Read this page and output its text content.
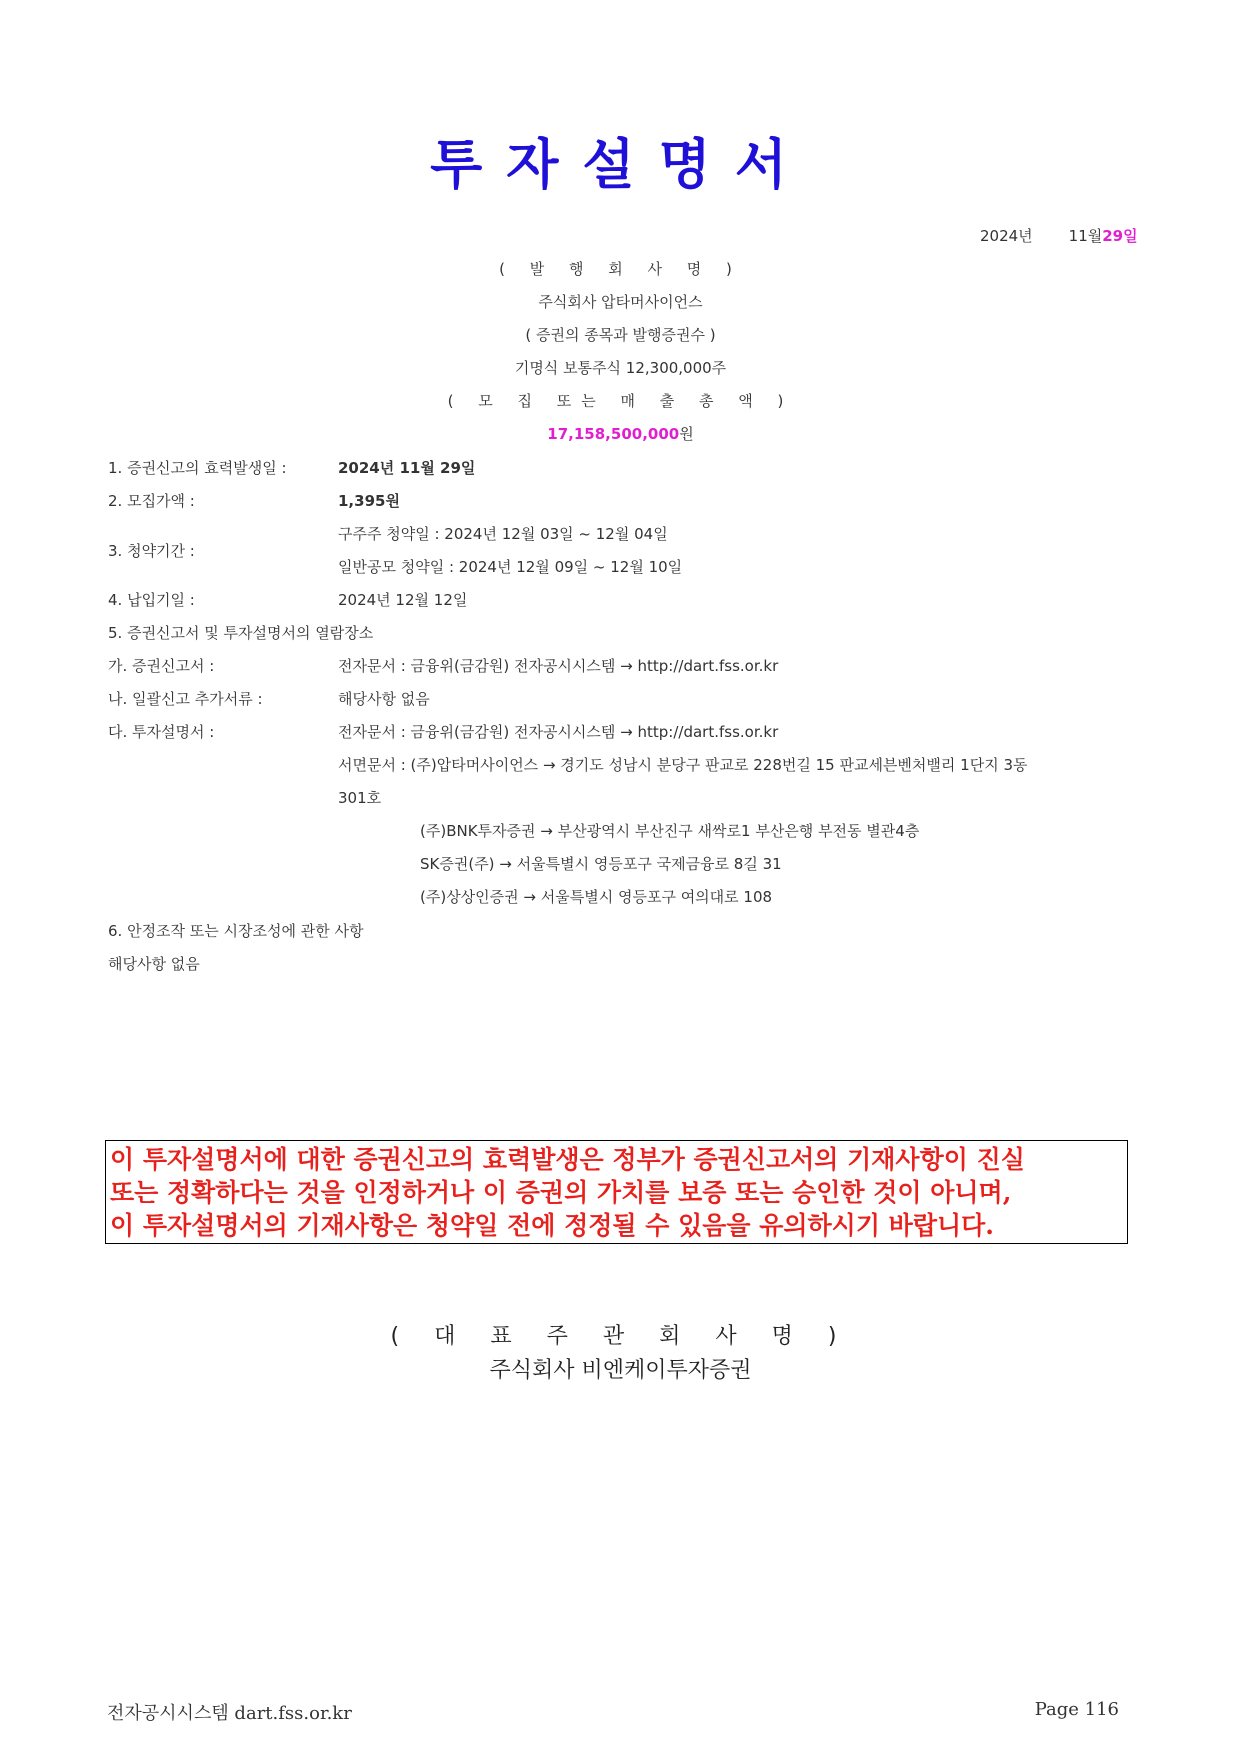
투자설명서
2024년 11월29일
( 발 행 회 사 명 )
주식회사 압타머사이언스
( 증권의 종목과 발행증권수 )
기명식 보통주식 12,300,000주
( 모 집 또는 매 출 총 액 )
17,158,500,000원
1. 증권신고의 효력발생일 :	2024년 11월 29일
2. 모집가액 :	1,395원
3. 청약기간 :
구주주 청약일 : 2024년 12월 03일 ~ 12월 04일
일반공모 청약일 : 2024년 12월 09일 ~ 12월 10일
4. 납입기일 :	2024년 12월 12일
5. 증권신고서 및 투자설명서의 열람장소
가. 증권신고서 :	전자문서 : 금융위(금감원) 전자공시시스템 → http://dart.fss.or.kr
나. 일괄신고 추가서류 :	해당사항 없음
다. 투자설명서 :	전자문서 : 금융위(금감원) 전자공시시스템 → http://dart.fss.or.kr
서면문서 : (주)압타머사이언스 → 경기도 성남시 분당구 판교로 228번길 15 판교세븐벤처밸리 1단지 3동
301호
(주)BNK투자증권 → 부산광역시 부산진구 새싹로1 부산은행 부전동 별관4층
SK증권(주) → 서울특별시 영등포구 국제금융로 8길 31
(주)상상인증권 → 서울특별시 영등포구 여의대로 108
6. 안정조작 또는 시장조성에 관한 사항
해당사항 없음
이 투자설명서에 대한 증권신고의 효력발생은 정부가 증권신고서의 기재사항이 진실
또는 정확하다는 것을 인정하거나 이 증권의 가치를 보증 또는 승인한 것이 아니며,
이 투자설명서의 기재사항은 청약일 전에 정정될 수 있음을 유의하시기 바랍니다.
( 대 표 주 관 회 사 명 )
주식회사 비엔케이투자증권
전자공시시스템 dart.fss.or.kr	Page 116
